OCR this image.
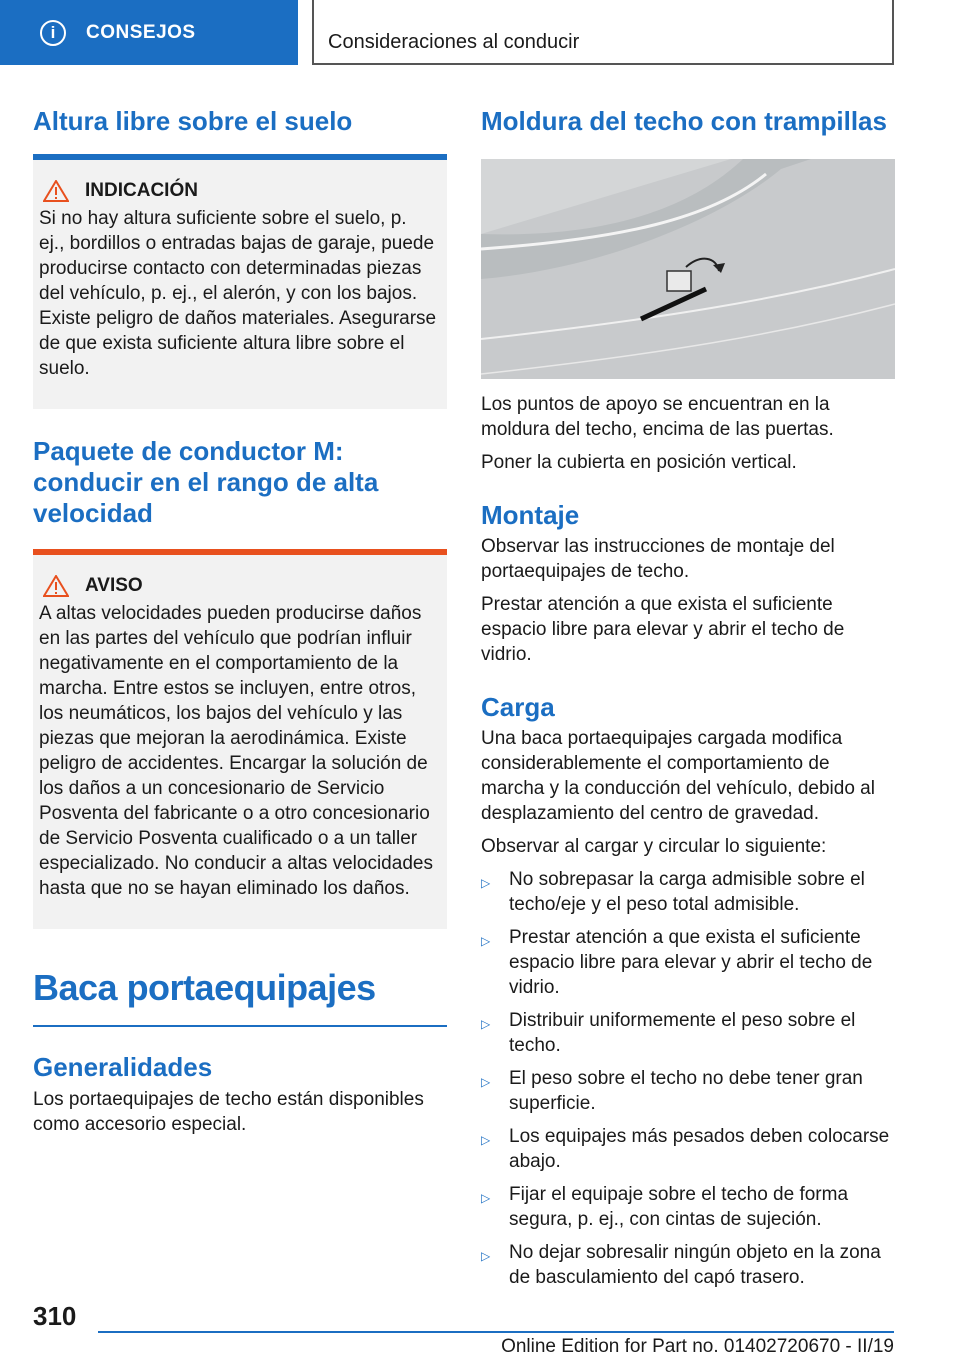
i	CONSEJOS	Consideraciones al conducir
Altura libre sobre el suelo
INDICACIÓN

Si no hay altura suficiente sobre el suelo, p. ej., bordillos o entradas bajas de garaje, puede producirse contacto con determinadas piezas del vehículo, p. ej., el alerón, y con los bajos. Existe peligro de daños materiales. Asegurarse de que exista suficiente altura libre sobre el suelo.

Paquete de conductor M: conducir en el rango de alta velocidad
AVISO

A altas velocidades pueden producirse daños en las partes del vehículo que podrían influir negativamente en el comportamiento de la marcha. Entre estos se incluyen, entre otros, los neumáticos, los bajos del vehículo y las piezas que mejoran la aerodinámica. Existe peligro de accidentes. Encargar la solución de los daños a un concesionario de Servicio Posventa del fabricante o a otro concesionario de Servicio Posventa cualificado o a un taller especializado. No conducir a altas velocidades hasta que no se hayan eliminado los daños.

Baca portaequipajes
Generalidades

Los portaequipajes de techo están disponibles como accesorio especial.

Moldura del techo con trampillas

Los puntos de apoyo se encuentran en la moldura del techo, encima de las puertas.

Poner la cubierta en posición vertical.

Montaje

Observar las instrucciones de montaje del portaequipajes de techo.

Prestar atención a que exista el suficiente espacio libre para elevar y abrir el techo de vidrio.

Carga

Una baca portaequipajes cargada modifica considerablemente el comportamiento de marcha y la conducción del vehículo, debido al desplazamiento del centro de gravedad.

Observar al cargar y circular lo siguiente:

▷ No sobrepasar la carga admisible sobre el techo/eje y el peso total admisible.
▷ Prestar atención a que exista el suficiente espacio libre para elevar y abrir el techo de vidrio.
▷ Distribuir uniformemente el peso sobre el techo.
▷ El peso sobre el techo no debe tener gran superficie.
▷ Los equipajes más pesados deben colocarse abajo.
▷ Fijar el equipaje sobre el techo de forma segura, p. ej., con cintas de sujeción.
▷ No dejar sobresalir ningún objeto en la zona de basculamiento del capó trasero.
310
Online Edition for Part no. 01402720670 - II/19
